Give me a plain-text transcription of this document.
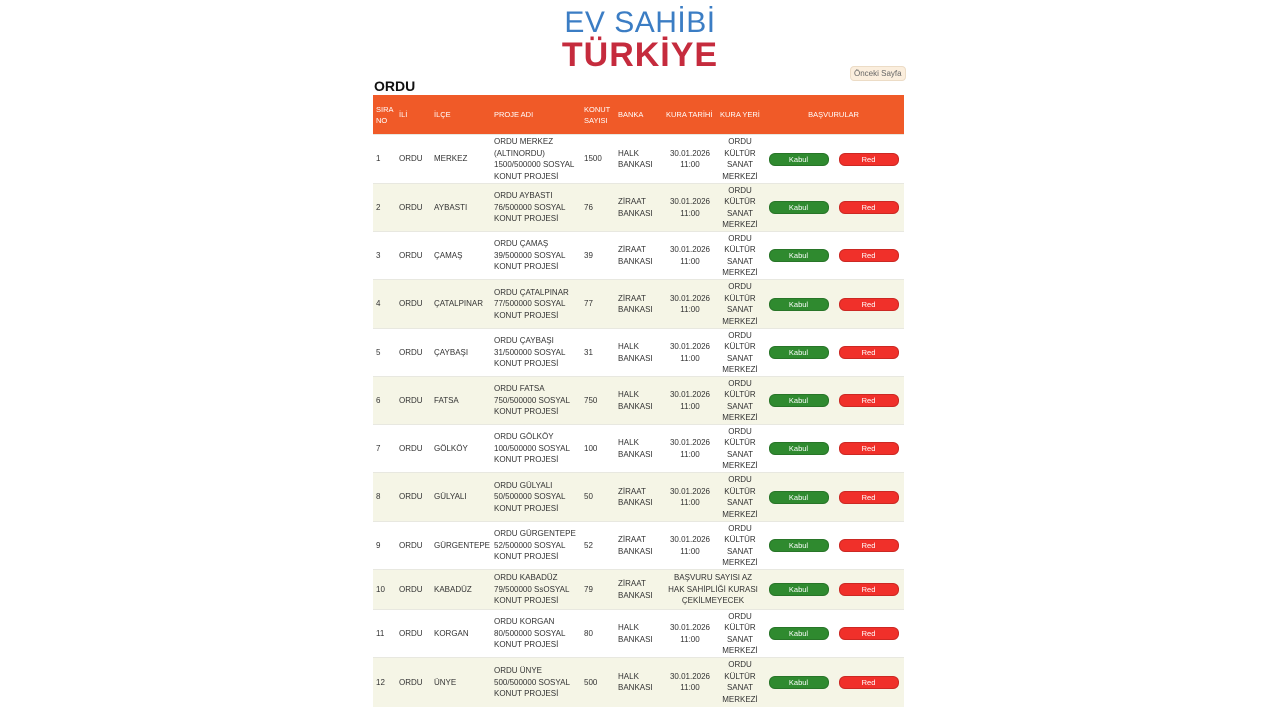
EV SAHİBİ
TÜRKİYE	Önceki Sayfa
ORDU
SIRA NO	İLİ	İLÇE	PROJE ADI	KONUT SAYISI	BANKA	KURA TARİHİ	KURA YERİ	BAŞVURULAR
1	ORDU	MERKEZ	ORDU MERKEZ (ALTINORDU) 1500/500000 SOSYAL KONUT PROJESİ	1500	HALK BANKASI	30.01.2026 11:00	ORDU KÜLTÜR SANAT MERKEZİ	Kabul Red
2	ORDU	AYBASTI	ORDU AYBASTI 76/500000 SOSYAL KONUT PROJESİ	76	ZİRAAT BANKASI	30.01.2026 11:00	ORDU KÜLTÜR SANAT MERKEZİ	Kabul Red
3	ORDU	ÇAMAŞ	ORDU ÇAMAŞ 39/500000 SOSYAL KONUT PROJESİ	39	ZİRAAT BANKASI	30.01.2026 11:00	ORDU KÜLTÜR SANAT MERKEZİ	Kabul Red
4	ORDU	ÇATALPINAR	ORDU ÇATALPINAR 77/500000 SOSYAL KONUT PROJESİ	77	ZİRAAT BANKASI	30.01.2026 11:00	ORDU KÜLTÜR SANAT MERKEZİ	Kabul Red
5	ORDU	ÇAYBAŞI	ORDU ÇAYBAŞI 31/500000 SOSYAL KONUT PROJESİ	31	HALK BANKASI	30.01.2026 11:00	ORDU KÜLTÜR SANAT MERKEZİ	Kabul Red
6	ORDU	FATSA	ORDU FATSA 750/500000 SOSYAL KONUT PROJESİ	750	HALK BANKASI	30.01.2026 11:00	ORDU KÜLTÜR SANAT MERKEZİ	Kabul Red
7	ORDU	GÖLKÖY	ORDU GÖLKÖY 100/500000 SOSYAL KONUT PROJESİ	100	HALK BANKASI	30.01.2026 11:00	ORDU KÜLTÜR SANAT MERKEZİ	Kabul Red
8	ORDU	GÜLYALI	ORDU GÜLYALI 50/500000 SOSYAL KONUT PROJESİ	50	ZİRAAT BANKASI	30.01.2026 11:00	ORDU KÜLTÜR SANAT MERKEZİ	Kabul Red
9	ORDU	GÜRGENTEPE	ORDU GÜRGENTEPE 52/500000 SOSYAL KONUT PROJESİ	52	ZİRAAT BANKASI	30.01.2026 11:00	ORDU KÜLTÜR SANAT MERKEZİ	Kabul Red
10	ORDU	KABADÜZ	ORDU KABADÜZ 79/500000 SsOSYAL KONUT PROJESİ	79	ZİRAAT BANKASI	BAŞVURU SAYISI AZ HAK SAHİPLİĞİ KURASI ÇEKİLMEYECEK		Kabul Red
11	ORDU	KORGAN	ORDU KORGAN 80/500000 SOSYAL KONUT PROJESİ	80	HALK BANKASI	30.01.2026 11:00	ORDU KÜLTÜR SANAT MERKEZİ	Kabul Red
12	ORDU	ÜNYE	ORDU ÜNYE 500/500000 SOSYAL KONUT PROJESİ	500	HALK BANKASI	30.01.2026 11:00	ORDU KÜLTÜR SANAT MERKEZİ	Kabul Red
